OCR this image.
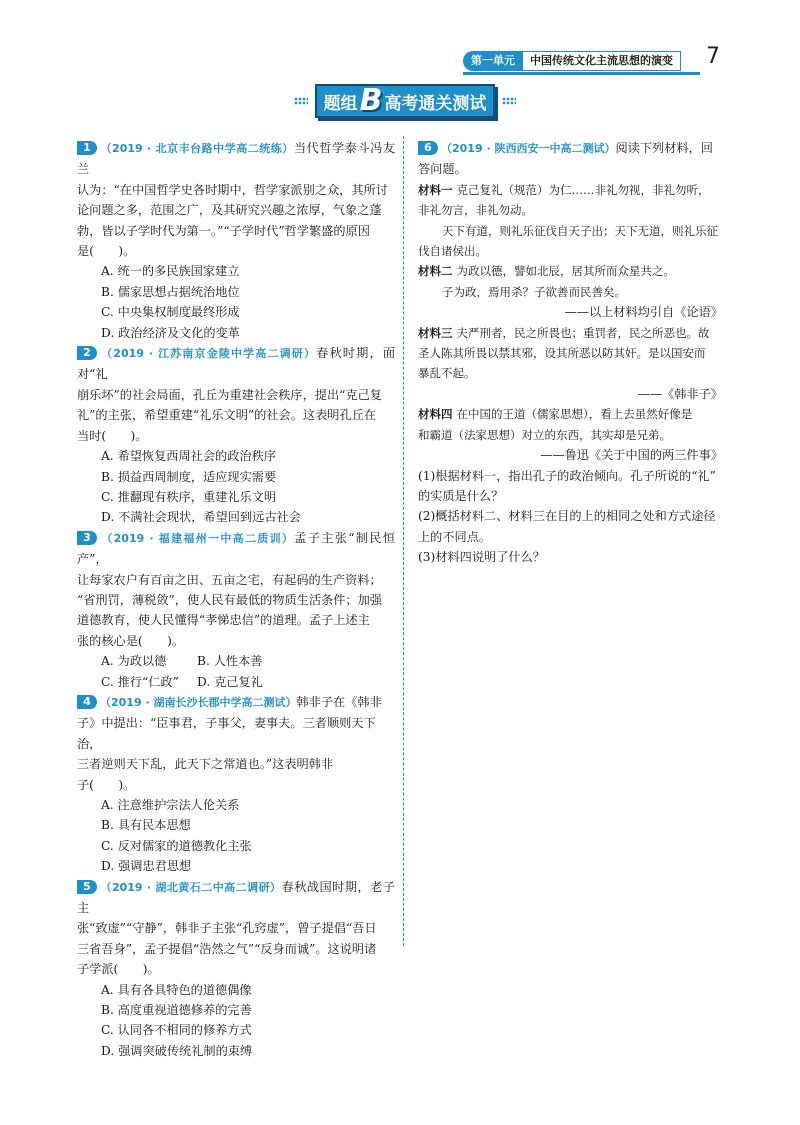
第一单元	中国传统文化主流思想的演变	7
题组 B 高考通关测试
1 （2019 · 北京丰台路中学高二统练）当代哲学泰斗冯友兰
认为：“在中国哲学史各时期中，哲学家派别之众，其所讨
论问题之多，范围之广，及其研究兴趣之浓厚，气象之蓬
勃，皆以子学时代为第一。”“子学时代”哲学繁盛的原因
是(　　)。
A. 统一的多民族国家建立
B. 儒家思想占据统治地位
C. 中央集权制度最终形成
D. 政治经济及文化的变革
2 （2019 · 江苏南京金陵中学高二调研）春秋时期，面对“礼
崩乐坏”的社会局面，孔丘为重建社会秩序，提出“克己复
礼”的主张，希望重建“礼乐文明”的社会。这表明孔丘在
当时(　　)。
A. 希望恢复西周社会的政治秩序
B. 损益西周制度，适应现实需要
C. 推翻现有秩序，重建礼乐文明
D. 不满社会现状，希望回到远古社会
3 （2019 · 福建福州一中高二质训）孟子主张“制民恒产”，
让每家农户有百亩之田、五亩之宅，有起码的生产资料；
“省刑罚，薄税敛”，使人民有最低的物质生活条件；加强
道德教育，使人民懂得“孝悌忠信”的道理。孟子上述主
张的核心是(　　)。
A. 为政以德	B. 人性本善
C. 推行“仁政”	D. 克己复礼
4 （2019 · 湖南长沙长郡中学高二测试）韩非子在《韩非
子》中提出：“臣事君，子事父，妻事夫。三者顺则天下治，
三者逆则天下乱，此天下之常道也。”这表明韩非
子(　　)。
A. 注意维护宗法人伦关系
B. 具有民本思想
C. 反对儒家的道德教化主张
D. 强调忠君思想
5 （2019 · 湖北黄石二中高二调研）春秋战国时期，老子主
张“致虚”“守静”，韩非子主张“孔窍虚”，曾子提倡“吾日
三省吾身”，孟子提倡“浩然之气”“反身而诚”。这说明诸
子学派(　　)。
A. 具有各具特色的道德偶像
B. 高度重视道德修养的完善
C. 认同各不相同的修养方式
D. 强调突破传统礼制的束缚
6 （2019 · 陕西西安一中高二测试）阅读下列材料，回
答问题。
材料一 克己复礼（规范）为仁……非礼勿视，非礼勿听，
非礼勿言，非礼勿动。
天下有道，则礼乐征伐自天子出；天下无道，则礼乐征
伐自诸侯出。
材料二 为政以德，譬如北辰，居其所而众星共之。
子为政，焉用杀？子欲善而民善矣。
——以上材料均引自《论语》
材料三 夫严刑者，民之所畏也；重罚者，民之所恶也。故
圣人陈其所畏以禁其邪，设其所恶以防其奸。是以国安而
暴乱不起。
——《韩非子》
材料四 在中国的王道（儒家思想），看上去虽然好像是
和霸道（法家思想）对立的东西，其实却是兄弟。
——鲁迅《关于中国的两三件事》
(1)根据材料一，指出孔子的政治倾向。孔子所说的“礼”
的实质是什么？
(2)概括材料二、材料三在目的上的相同之处和方式途径
上的不同点。
(3)材料四说明了什么？
